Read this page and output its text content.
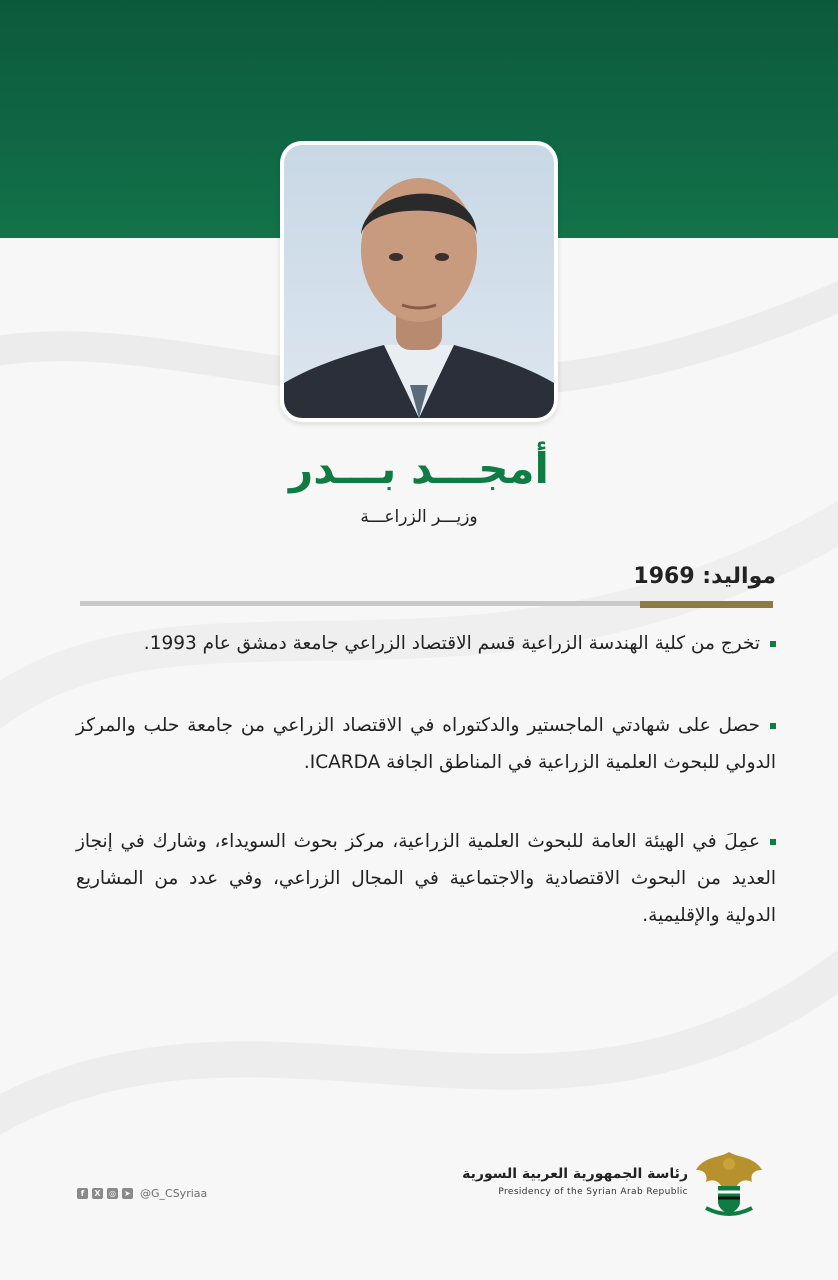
أمجـــد بـــدر
وزيـــر الزراعـــة
مواليد: 1969
تخرج من كلية الهندسة الزراعية قسم الاقتصاد الزراعي جامعة دمشق عام 1993.
حصل على شهادتي الماجستير والدكتوراه في الاقتصاد الزراعي من جامعة حلب والمركز الدولي للبحوث العلمية الزراعية في المناطق الجافة ICARDA.
عمِلَ في الهيئة العامة للبحوث العلمية الزراعية، مركز بحوث السويداء، وشارك في إنجاز العديد من البحوث الاقتصادية والاجتماعية في المجال الزراعي، وفي عدد من المشاريع الدولية والإقليمية.
f	X	◎ ➤ @G_CSyriaa
رئاسة الجمهورية العربية السورية
Presidency of the Syrian Arab Republic
